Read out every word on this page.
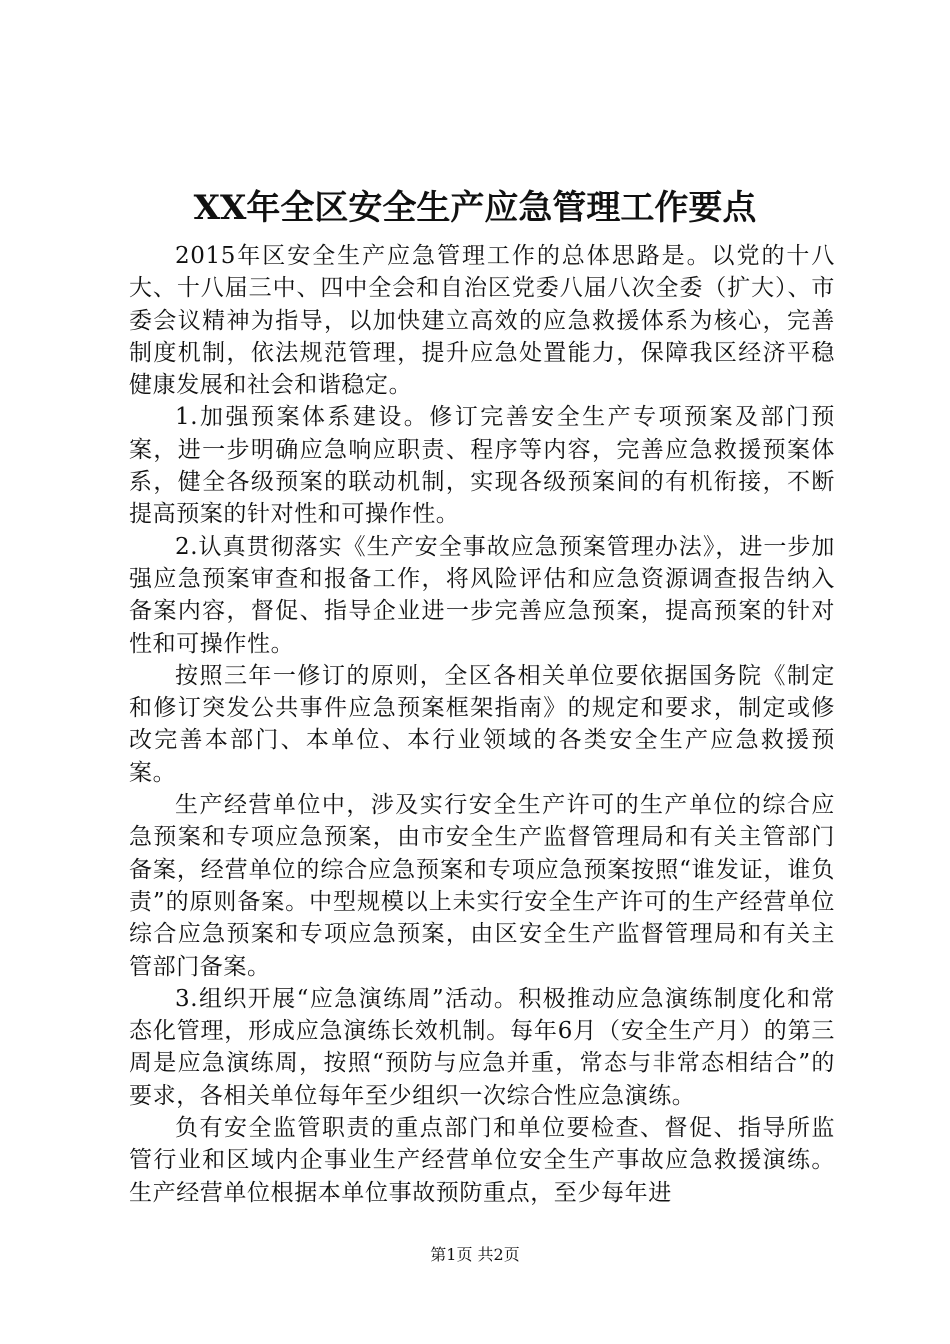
XX年全区安全生产应急管理工作要点

2015年区安全生产应急管理工作的总体思路是。以党的十八大、十八届三中、四中全会和自治区党委八届八次全委（扩大）、市委会议精神为指导，以加快建立高效的应急救援体系为核心，完善制度机制，依法规范管理，提升应急处置能力，保障我区经济平稳健康发展和社会和谐稳定。

1.加强预案体系建设。修订完善安全生产专项预案及部门预案，进一步明确应急响应职责、程序等内容，完善应急救援预案体系，健全各级预案的联动机制，实现各级预案间的有机衔接，不断提高预案的针对性和可操作性。

2.认真贯彻落实《生产安全事故应急预案管理办法》，进一步加强应急预案审查和报备工作，将风险评估和应急资源调查报告纳入备案内容，督促、指导企业进一步完善应急预案，提高预案的针对性和可操作性。

按照三年一修订的原则，全区各相关单位要依据国务院《制定和修订突发公共事件应急预案框架指南》的规定和要求，制定或修改完善本部门、本单位、本行业领域的各类安全生产应急救援预案。

生产经营单位中，涉及实行安全生产许可的生产单位的综合应急预案和专项应急预案，由市安全生产监督管理局和有关主管部门备案，经营单位的综合应急预案和专项应急预案按照“谁发证，谁负责”的原则备案。中型规模以上未实行安全生产许可的生产经营单位综合应急预案和专项应急预案，由区安全生产监督管理局和有关主管部门备案。

3.组织开展“应急演练周”活动。积极推动应急演练制度化和常态化管理，形成应急演练长效机制。每年6月（安全生产月）的第三周是应急演练周，按照“预防与应急并重，常态与非常态相结合”的要求，各相关单位每年至少组织一次综合性应急演练。

负有安全监管职责的重点部门和单位要检查、督促、指导所监管行业和区域内企事业生产经营单位安全生产事故应急救援演练。生产经营单位根据本单位事故预防重点，至少每年进

第1页 共2页
